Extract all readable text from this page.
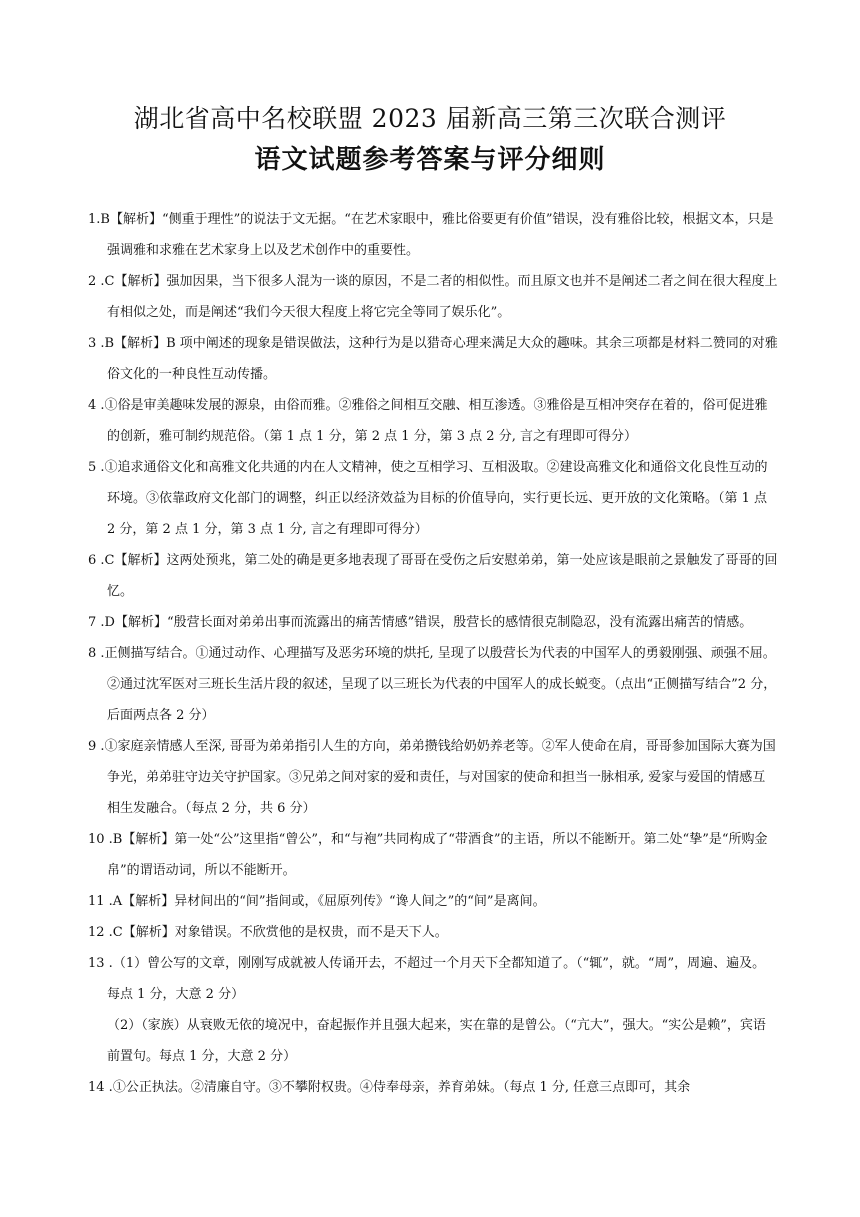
湖北省高中名校联盟 2023 届新高三第三次联合测评
语文试题参考答案与评分细则
1.B【解析】“侧重于理性”的说法于文无据。“在艺术家眼中，雅比俗要更有价值”错误，没有雅俗比较，根据文本，只是强调雅和求雅在艺术家身上以及艺术创作中的重要性。
2 .C【解析】强加因果，当下很多人混为一谈的原因，不是二者的相似性。而且原文也并不是阐述二者之间在很大程度上有相似之处，而是阐述“我们今天很大程度上将它完全等同了娱乐化”。
3 .B【解析】B 项中阐述的现象是错误做法，这种行为是以猎奇心理来满足大众的趣味。其余三项都是材料二赞同的对雅俗文化的一种良性互动传播。
4 .①俗是审美趣味发展的源泉，由俗而雅。②雅俗之间相互交融、相互渗透。③雅俗是互相冲突存在着的，俗可促进雅的创新，雅可制约规范俗。（第 1 点 1 分，第 2 点 1 分，第 3 点 2 分, 言之有理即可得分）
5 .①追求通俗文化和高雅文化共通的内在人文精神，使之互相学习、互相汲取。②建设高雅文化和通俗文化良性互动的环境。③依靠政府文化部门的调整，纠正以经济效益为目标的价值导向，实行更长远、更开放的文化策略。（第 1 点 2 分，第 2 点 1 分，第 3 点 1 分, 言之有理即可得分）
6 .C【解析】这两处预兆，第二处的确是更多地表现了哥哥在受伤之后安慰弟弟，第一处应该是眼前之景触发了哥哥的回忆。
7 .D【解析】“殷营长面对弟弟出事而流露出的痛苦情感”错误，殷营长的感情很克制隐忍，没有流露出痛苦的情感。
8 .正侧描写结合。①通过动作、心理描写及恶劣环境的烘托, 呈现了以殷营长为代表的中国军人的勇毅刚强、顽强不屈。②通过沈军医对三班长生活片段的叙述，呈现了以三班长为代表的中国军人的成长蜕变。（点出“正侧描写结合”2 分，后面两点各 2 分）
9 .①家庭亲情感人至深, 哥哥为弟弟指引人生的方向，弟弟攒钱给奶奶养老等。②军人使命在肩，哥哥参加国际大赛为国争光，弟弟驻守边关守护国家。③兄弟之间对家的爱和责任，与对国家的使命和担当一脉相承, 爱家与爱国的情感互相生发融合。（每点 2 分，共 6 分）
10 .B【解析】第一处“公”这里指“曾公”，和“与袍”共同构成了“带酒食”的主语，所以不能断开。第二处“挚”是“所购金帛”的谓语动词，所以不能断开。
11 .A【解析】异材间出的“间”指间或，《屈原列传》“谗人间之”的“间”是离间。
12 .C【解析】对象错误。不欣赏他的是权贵，而不是天下人。
13 .（1）曾公写的文章，刚刚写成就被人传诵开去，不超过一个月天下全都知道了。（“辄”，就。“周”，周遍、遍及。每点 1 分，大意 2 分）
（2）（家族）从衰败无依的境况中，奋起振作并且强大起来，实在靠的是曾公。（“亢大”，强大。“实公是赖”，宾语前置句。每点 1 分，大意 2 分）
14 .①公正执法。②清廉自守。③不攀附权贵。④侍奉母亲，养育弟妹。（每点 1 分, 任意三点即可，其余
